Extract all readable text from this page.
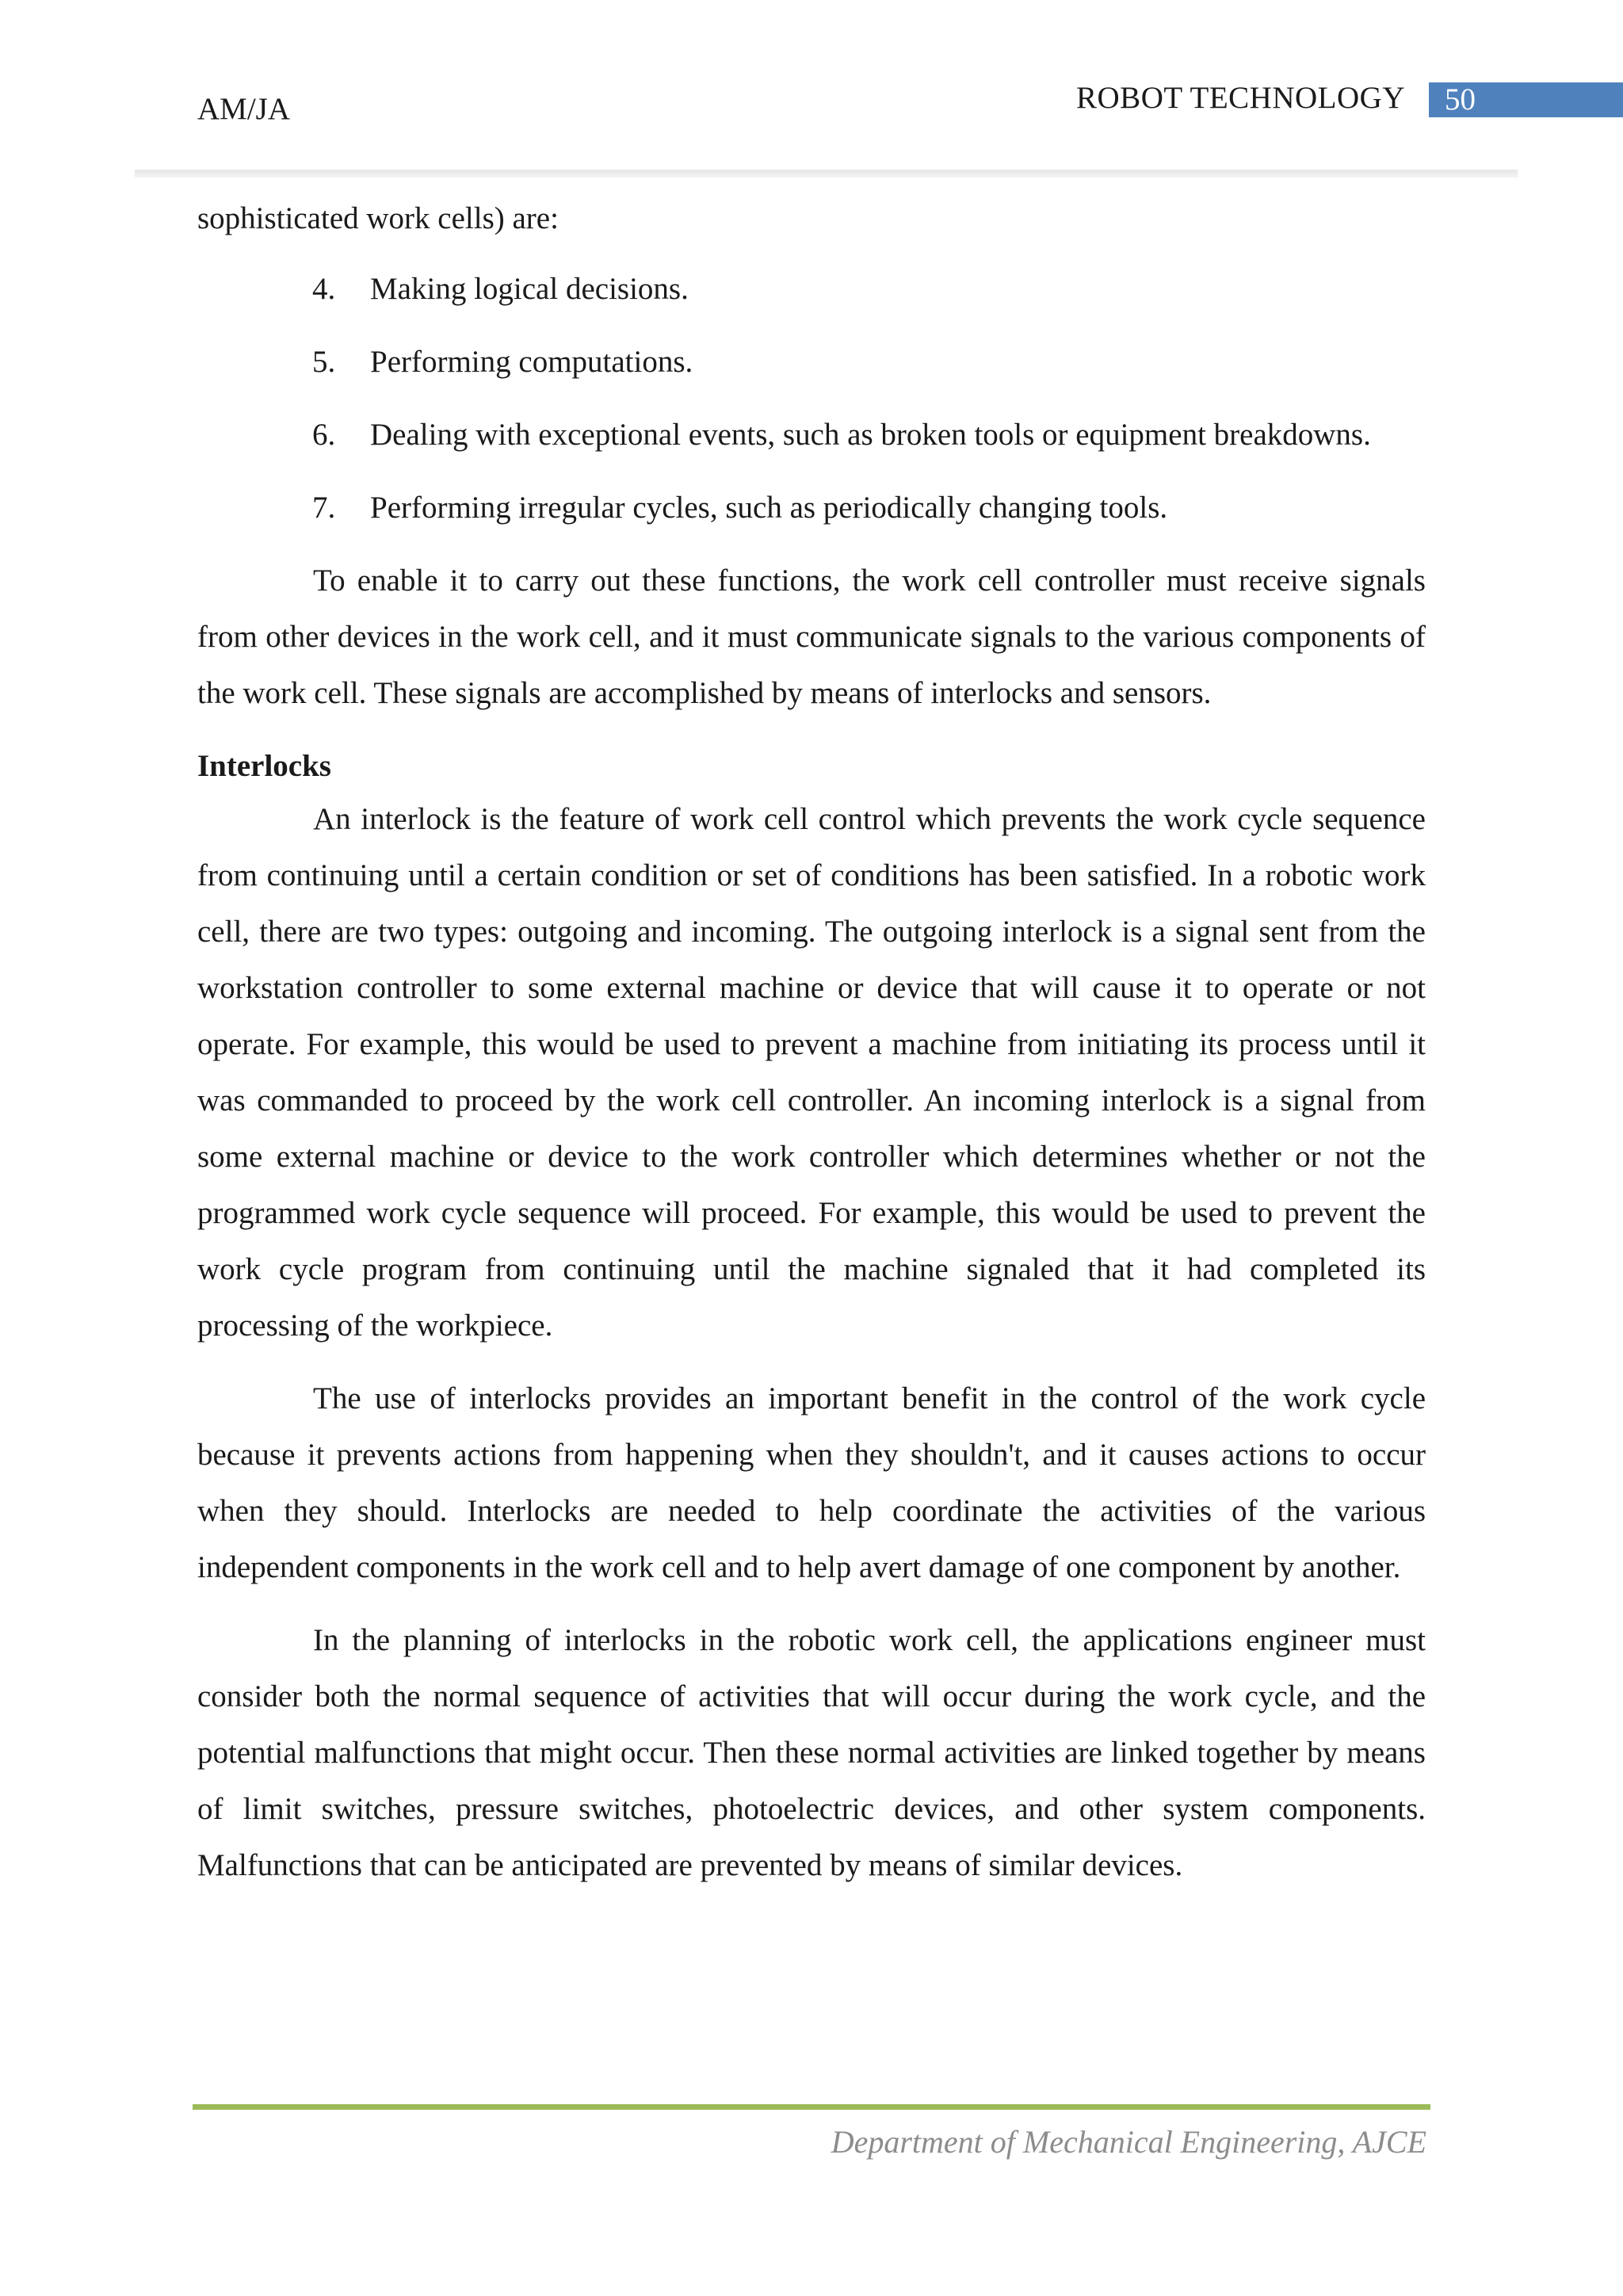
AM/JA	ROBOT TECHNOLOGY 50

sophisticated work cells) are:

4. Making logical decisions.
5. Performing computations.
6. Dealing with exceptional events, such as broken tools or equipment breakdowns.
7. Performing irregular cycles, such as periodically changing tools.

To enable it to carry out these functions, the work cell controller must receive signals from other devices in the work cell, and it must communicate signals to the various components of the work cell. These signals are accomplished by means of interlocks and sensors.

Interlocks

An interlock is the feature of work cell control which prevents the work cycle sequence from continuing until a certain condition or set of conditions has been satisfied. In a robotic work cell, there are two types: outgoing and incoming. The outgoing interlock is a signal sent from the workstation controller to some external machine or device that will cause it to operate or not operate. For example, this would be used to prevent a machine from initiating its process until it was commanded to proceed by the work cell controller. An incoming interlock is a signal from some external machine or device to the work controller which determines whether or not the programmed work cycle sequence will proceed. For example, this would be used to prevent the work cycle program from continuing until the machine signaled that it had completed its processing of the workpiece.

The use of interlocks provides an important benefit in the control of the work cycle because it prevents actions from happening when they shouldn't, and it causes actions to occur when they should. Interlocks are needed to help coordinate the activities of the various independent components in the work cell and to help avert damage of one component by another.

In the planning of interlocks in the robotic work cell, the applications engineer must consider both the normal sequence of activities that will occur during the work cycle, and the potential malfunctions that might occur. Then these normal activities are linked together by means of limit switches, pressure switches, photoelectric devices, and other system components. Malfunctions that can be anticipated are prevented by means of similar devices.

Department of Mechanical Engineering, AJCE
